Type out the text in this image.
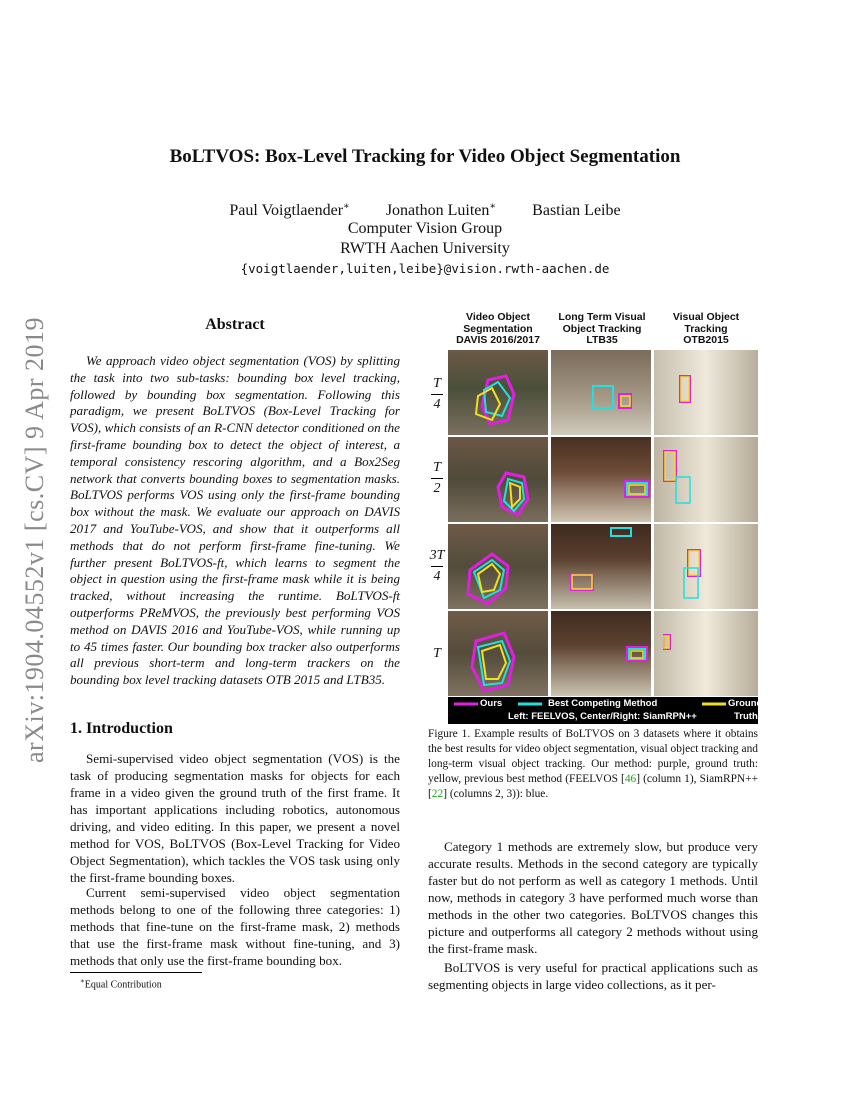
arXiv:1904.04552v1 [cs.CV] 9 Apr 2019
BoLTVOS: Box-Level Tracking for Video Object Segmentation
Paul Voigtlaender∗ Jonathon Luiten∗ Bastian Leibe
Computer Vision Group
RWTH Aachen University
{voigtlaender,luiten,leibe}@vision.rwth-aachen.de
Abstract

We approach video object segmentation (VOS) by splitting the task into two sub-tasks: bounding box level tracking, followed by bounding box segmentation. Following this paradigm, we present BoLTVOS (Box-Level Tracking for VOS), which consists of an R-CNN detector conditioned on the first-frame bounding box to detect the object of interest, a temporal consistency rescoring algorithm, and a Box2Seg network that converts bounding boxes to segmentation masks. BoLTVOS performs VOS using only the first-frame bounding box without the mask. We evaluate our approach on DAVIS 2017 and YouTube-VOS, and show that it outperforms all methods that do not perform first-frame fine-tuning. We further present BoLTVOS-ft, which learns to segment the object in question using the first-frame mask while it is being tracked, without increasing the runtime. BoLTVOS-ft outperforms PReMVOS, the previously best performing VOS method on DAVIS 2016 and YouTube-VOS, while running up to 45 times faster. Our bounding box tracker also outperforms all previous short-term and long-term trackers on the bounding box level tracking datasets OTB 2015 and LTB35.

1. Introduction

Semi-supervised video object segmentation (VOS) is the task of producing segmentation masks for objects for each frame in a video given the ground truth of the first frame. It has important applications including robotics, autonomous driving, and video editing. In this paper, we present a novel method for VOS, BoLTVOS (Box-Level Tracking for Video Object Segmentation), which tackles the VOS task using only the first-frame bounding boxes.

Current semi-supervised video object segmentation methods belong to one of the following three categories: 1) methods that fine-tune on the first-frame mask, 2) methods that use the first-frame mask without fine-tuning, and 3) methods that only use the first-frame bounding box.

∗Equal Contribution

Category 1 methods are extremely slow, but produce very accurate results. Methods in the second category are typically faster but do not perform as well as category 1 methods. Until now, methods in category 3 have performed much worse than methods in the other two categories. BoLTVOS changes this picture and outperforms all category 2 methods without using the first-frame mask.

BoLTVOS is very useful for practical applications such as segmenting objects in large video collections, as it per-

Video Object
Segmentation
DAVIS 2016/2017
Long Term Visual
Object Tracking
LTB35
Visual Object
Tracking
OTB2015
T
4
T
2
3T
4
T
Ours	Best Competing Method
Left: FEELVOS, Center/Right: SiamRPN++
Ground
Truth
Figure 1. Example results of BoLTVOS on 3 datasets where it obtains the best results for video object segmentation, visual object tracking and long-term visual object tracking. Our method: purple, ground truth: yellow, previous best method (FEELVOS [46] (column 1), SiamRPN++ [22] (columns 2, 3)): blue.
